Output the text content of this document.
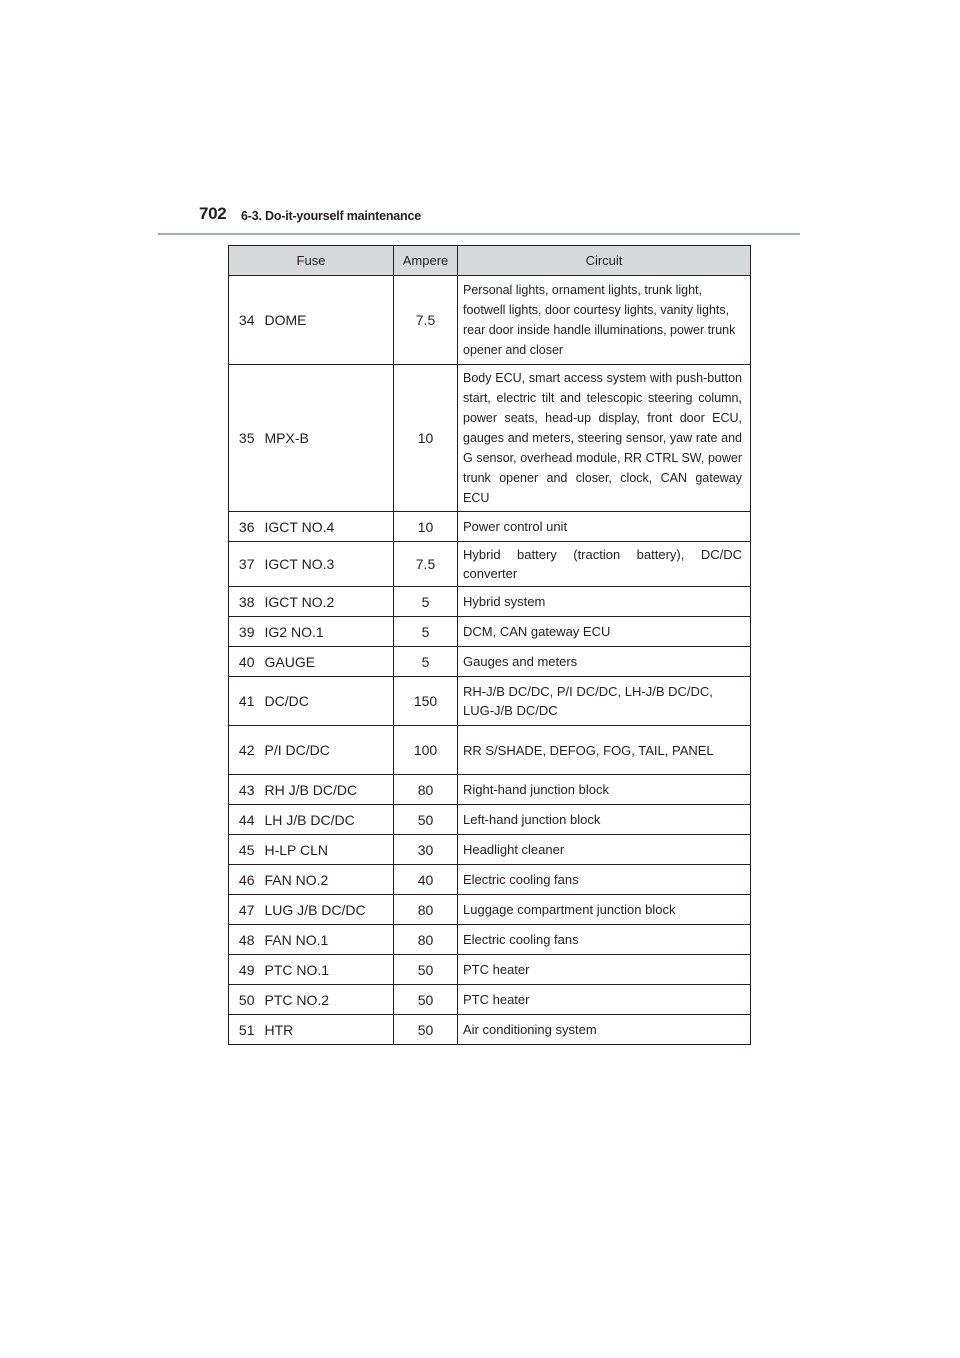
702 6-3. Do-it-yourself maintenance
Fuse		Ampere	Circuit
34	DOME	7.5	Personal lights, ornament lights, trunk light, footwell lights, door courtesy lights, vanity lights, rear door inside handle illuminations, power trunk opener and closer
35	MPX-B	10	Body ECU, smart access system with push-button start, electric tilt and telescopic steering column, power seats, head-up display, front door ECU, gauges and meters, steering sensor, yaw rate and G sensor, overhead module, RR CTRL SW, power trunk opener and closer, clock, CAN gateway ECU
36	IGCT NO.4	10	Power control unit
37	IGCT NO.3	7.5	Hybrid battery (traction battery), DC/DC converter
38	IGCT NO.2	5	Hybrid system
39	IG2 NO.1	5	DCM, CAN gateway ECU
40	GAUGE	5	Gauges and meters
41	DC/DC	150	RH-J/B DC/DC, P/I DC/DC, LH-J/B DC/DC, LUG-J/B DC/DC
42	P/I DC/DC	100	RR S/SHADE, DEFOG, FOG, TAIL, PANEL
43	RH J/B DC/DC	80	Right-hand junction block
44	LH J/B DC/DC	50	Left-hand junction block
45	H-LP CLN	30	Headlight cleaner
46	FAN NO.2	40	Electric cooling fans
47	LUG J/B DC/DC	80	Luggage compartment junction block
48	FAN NO.1	80	Electric cooling fans
49	PTC NO.1	50	PTC heater
50	PTC NO.2	50	PTC heater
51	HTR	50	Air conditioning system
